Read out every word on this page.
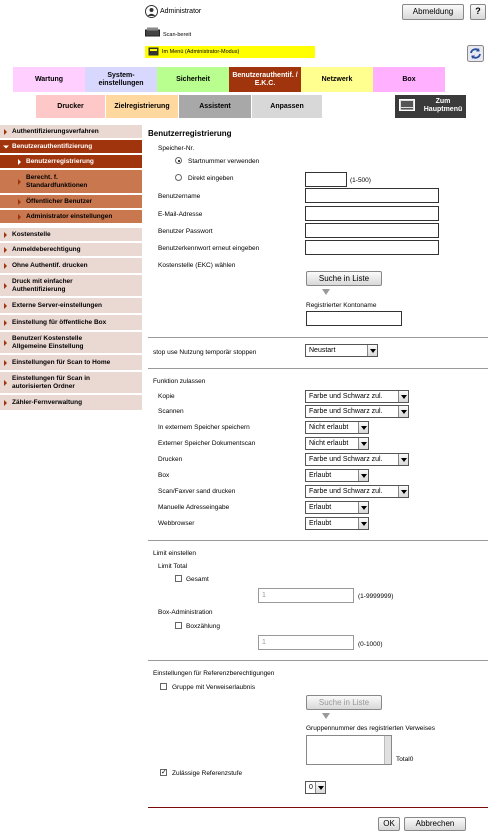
Administrator	Abmeldung	?
Scan-bereit
Im Menü (Administrator-Modus)
Wartung
System-
einstellungen
Sicherheit
Benutzerauthentif. /
E.K.C.
Netzwerk	Box
Drucker	Zielregistrierung	Assistent	Anpassen
Zum
Hauptmenü
Authentifizierungsverfahren
Benutzerauthentifizierung
Benutzerregistrierung
Berecht. f.
Standardfunktionen
Öffentlicher Benutzer
Administrator einstellungen
Kostenstelle
Anmeldeberechtigung
Ohne Authentif. drucken
Druck mit einfacher
Authentifizierung
Externe Server-einstellungen
Einstellung für öffentliche Box
Benutzer/ Kostenstelle
Allgemeine Einstellung
Einstellungen für Scan to Home
Einstellungen für Scan in
autorisierten Ordner
Zähler-Fernverwaltung
Benutzerregistrierung
Speicher-Nr.
Startnummer verwenden
Direkt eingeben	(1-500)
Benutzername
E-Mail-Adresse
Benutzer Passwort
Benutzerkennwort erneut eingeben
Kostenstelle (EKC) wählen
Suche in Liste
Registrierter Kontoname
stop use Nutzung temporär stoppen	Neustart
Funktion zulassen
Kopie	Farbe und Schwarz zul.
Scannen	Farbe und Schwarz zul.
In externem Speicher speichern	Nicht erlaubt
Externer Speicher Dokumentscan	Nicht erlaubt
Drucken	Farbe und Schwarz zul.
Box	Erlaubt
Scan/Faxver sand drucken	Farbe und Schwarz zul.
Manuelle Adresseingabe	Erlaubt
Webbrowser	Erlaubt
Limit einstellen
Limit Total
Gesamt
1	(1-9999999)
Box-Administration
Boxzählung
1	(0-1000)
Einstellungen für Referenzberechtigungen
Gruppe mit Verweiserlaubnis
Suche in Liste
Gruppennummer des registrierten Verweises
Total0
✓ Zulässige Referenzstufe
0
OK	Abbrechen
